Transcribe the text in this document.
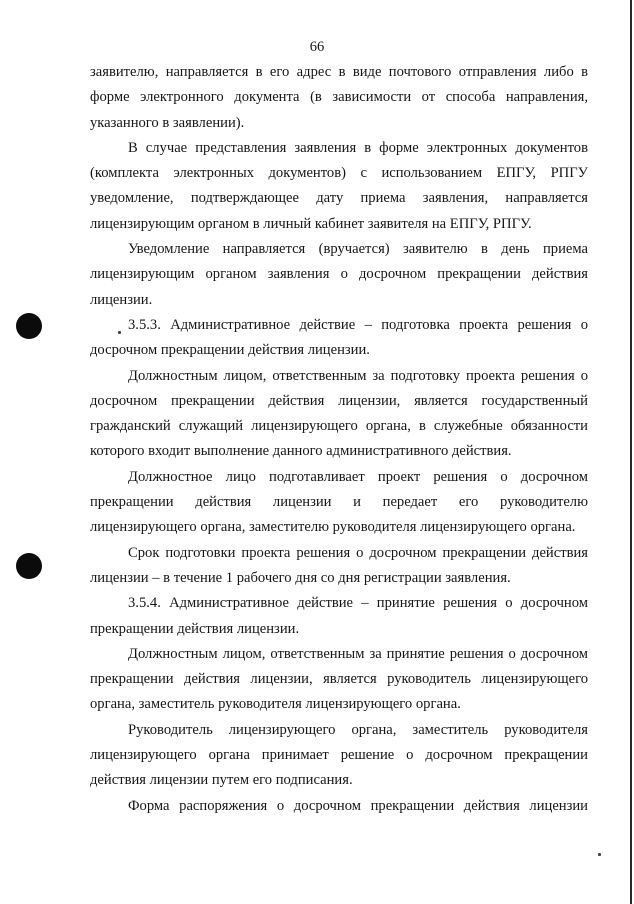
66

заявителю, направляется в его адрес в виде почтового отправления либо в форме электронного документа (в зависимости от способа направления, указанного в заявлении).

В случае представления заявления в форме электронных документов (комплекта электронных документов) с использованием ЕПГУ, РПГУ уведомление, подтверждающее дату приема заявления, направляется лицензирующим органом в личный кабинет заявителя на ЕПГУ, РПГУ.

Уведомление направляется (вручается) заявителю в день приема лицензирующим органом заявления о досрочном прекращении действия лицензии.

3.5.3. Административное действие – подготовка проекта решения о досрочном прекращении действия лицензии.

Должностным лицом, ответственным за подготовку проекта решения о досрочном прекращении действия лицензии, является государственный гражданский служащий лицензирующего органа, в служебные обязанности которого входит выполнение данного административного действия.

Должностное лицо подготавливает проект решения о досрочном прекращении действия лицензии и передает его руководителю лицензирующего органа, заместителю руководителя лицензирующего органа.

Срок подготовки проекта решения о досрочном прекращении действия лицензии – в течение 1 рабочего дня со дня регистрации заявления.

3.5.4. Административное действие – принятие решения о досрочном прекращении действия лицензии.

Должностным лицом, ответственным за принятие решения о досрочном прекращении действия лицензии, является руководитель лицензирующего органа, заместитель руководителя лицензирующего органа.

Руководитель лицензирующего органа, заместитель руководителя лицензирующего органа принимает решение о досрочном прекращении действия лицензии путем его подписания.

Форма распоряжения о досрочном прекращении действия лицензии
